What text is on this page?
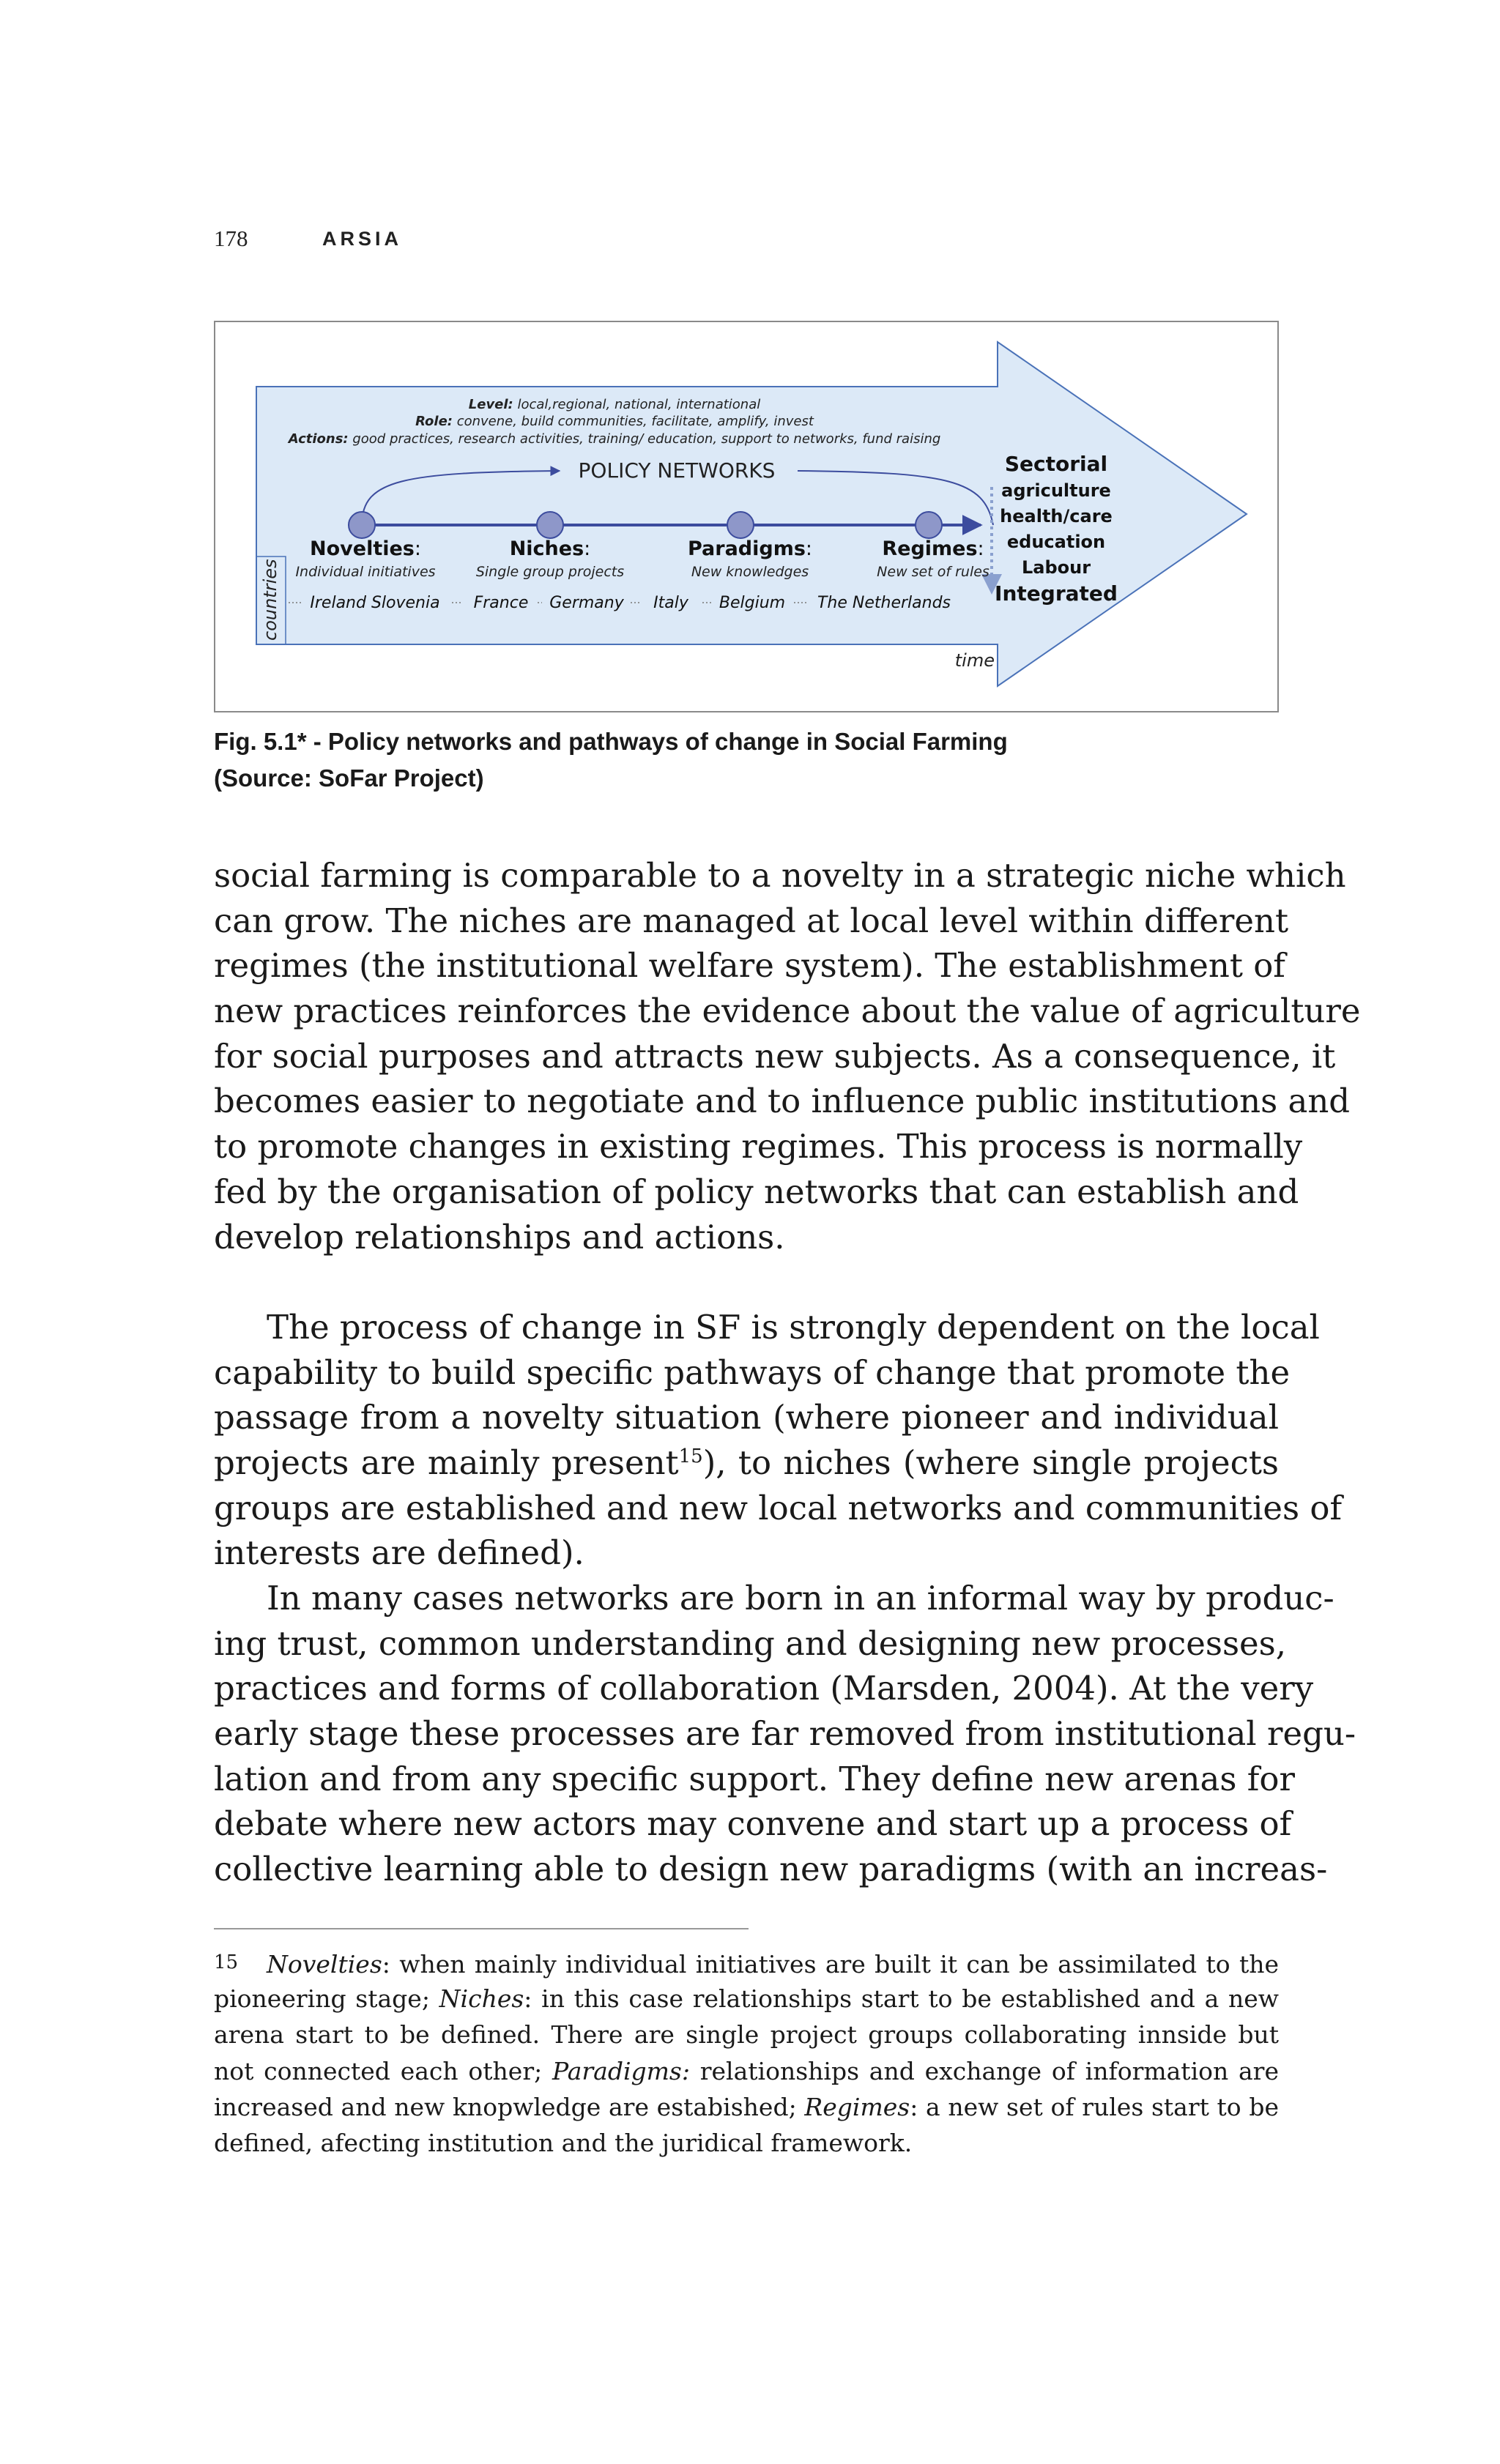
178	ARSIA
Level: local,regional, national, international
Role: convene, build communities, facilitate, amplify, invest
Actions: good practices, research activities, training/ education, support to networks, fund raising
POLICY NETWORKS
Novelties:	Niches:	Paradigms:	Regimes:
Individual initiatives	Single group projects	New knowledges	New set of rules
countries Ireland Slovenia France Germany Italy Belgium The Netherlands
Sectorial
agriculture
health/care
education
Labour
Integrated
time
Fig. 5.1* - Policy networks and pathways of change in Social Farming
(Source: SoFar Project)
social farming is comparable to a novelty in a strategic niche which
can grow. The niches are managed at local level within different
regimes (the institutional welfare system). The establishment of
new practices reinforces the evidence about the value of agriculture
for social purposes and attracts new subjects. As a consequence, it
becomes easier to negotiate and to influence public institutions and
to promote changes in existing regimes. This process is normally
fed by the organisation of policy networks that can establish and
develop relationships and actions.
The process of change in SF is strongly dependent on the local
capability to build specific pathways of change that promote the
passage from a novelty situation (where pioneer and individual
projects are mainly present$^{15}$), to niches (where single projects
groups are established and new local networks and communities of
interests are defined).
In many cases networks are born in an informal way by produc-
ing trust, common understanding and designing new processes,
practices and forms of collaboration (Marsden, 2004). At the very
early stage these processes are far removed from institutional regu-
lation and from any specific support. They define new arenas for
debate where new actors may convene and start up a process of
collective learning able to design new paradigms (with an increas-
15 Novelties: when mainly individual initiatives are built it can be assimilated to the
pioneering stage; Niches: in this case relationships start to be established and a new
arena start to be defined. There are single project groups collaborating innside but
not connected each other; Paradigms: relationships and exchange of information are
increased and new knopwledge are estabished; Regimes: a new set of rules start to be
defined, afecting institution and the juridical framework.
